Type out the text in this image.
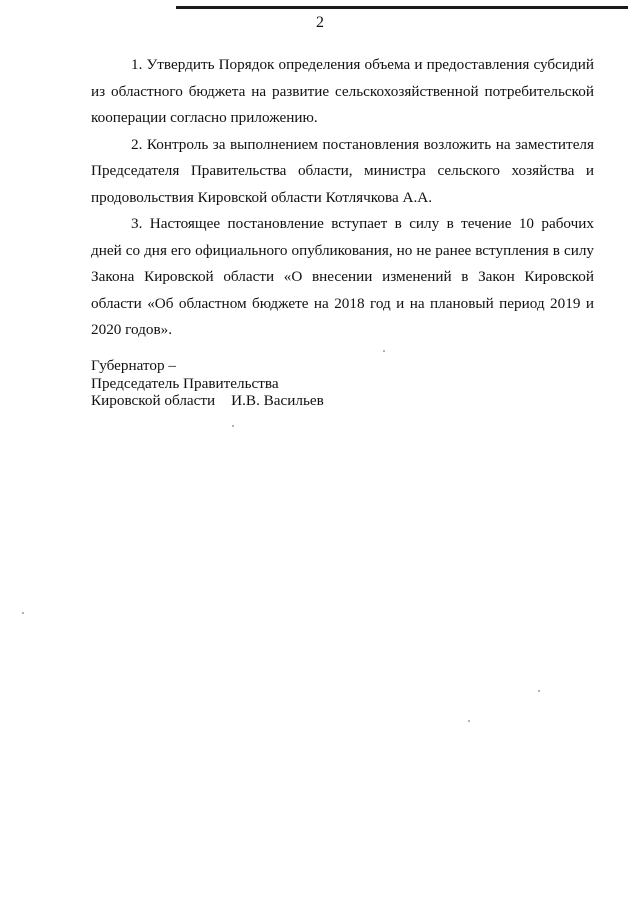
2

1. Утвердить Порядок определения объема и предоставления субсидий из областного бюджета на развитие сельскохозяйственной потребительской кооперации согласно приложению.

2. Контроль за выполнением постановления возложить на заместителя Председателя Правительства области, министра сельского хозяйства и продовольствия Кировской области Котлячкова А.А.

3. Настоящее постановление вступает в силу в течение 10 рабочих дней со дня его официального опубликования, но не ранее вступления в силу Закона Кировской области «О внесении изменений в Закон Кировской области «Об областном бюджете на 2018 год и на плановый период 2019 и 2020 годов».

Губернатор –
Председатель Правительства
Кировской области И.В. Васильев
